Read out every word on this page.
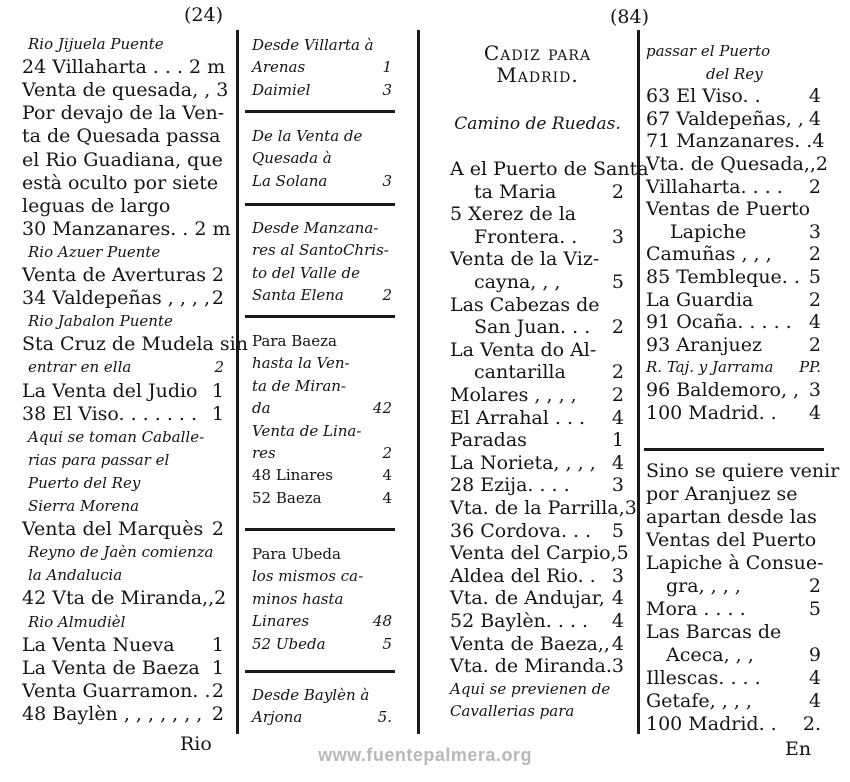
(24)	(84)
Rio	En
www.fuentepalmera.org
Rio Jijuela Puente
24 Villaharta . . . 2 m
Venta de quesada, , 3
Por devajo de la Ven-
ta de Quesada passa
el Rio Guadiana, que
està oculto por siete
leguas de largo
30 Manzanares. . 2 m
Rio Azuer Puente
Venta de Averturas 2
34 Valdepeñas , , , , 2
Rio Jabalon Puente
Sta Cruz de Mudela sin
entrar en ella	2
La Venta del Judio 1
38 El Viso. . . . . . . 1
Aqui se toman Caballe-
rias para passar el
Puerto del Rey
Sierra Morena
Venta del Marquès 2
Reyno de Jaèn comienza
la Andalucia
42 Vta de Miranda,, 2
Rio Almudièl
La Venta Nueva 1
La Venta de Baeza 1
Venta Guarramon. . 2
48 Baylèn , , , , , , , 2
Desde Villarta à
Arenas	1
Daimiel	3
De la Venta de
Quesada à
La Solana	3
Desde Manzana-
res al SantoChris-
to del Valle de
Santa Elena	2
Para Baeza
hasta la Ven-
ta de Miran-
da	42
Venta de Lina-
res	2
48 Linares	4
52 Baeza	4
Para Ubeda
los mismos ca-
minos hasta
Linares	48
52 Ubeda	5
Desde Baylèn à
Arjona	5.
Cadiz para
Madrid.
Camino de Ruedas.
A el Puerto de Santa
ta Maria	2
5 Xerez de la
Frontera. . 3
Venta de la Viz-
cayna, , ,	5
Las Cabezas de
San Juan. . . 2
La Venta do Al-
cantarilla 2
Molares , , , , 2
El Arrahal . . . 4
Paradas	1
La Norieta, , , , 4
28 Ezija. . . . 3
Vta. de la Parrilla, 3
36 Cordova. . . 5
Venta del Carpio, 5
Aldea del Rio. . 3
Vta. de Andujar, 4
52 Baylèn. . . . 4
Venta de Baeza,, 4
Vta. de Miranda. 3
Aqui se previenen de
Cavallerias para
passar el Puerto
del Rey
63 El Viso. .	4
67 Valdepeñas, , 4
71 Manzanares. . 4
Vta. de Quesada,, 2
Villaharta. . . . 2
Ventas de Puerto
Lapiche	3
Camuñas , , , 2
85 Tembleque. . 5
La Guardia	2
91 Ocaña. . . . . 4
93 Aranjuez 2
R. Taj. y Jarrama PP.
96 Baldemoro, , 3
100 Madrid. . 4
Sino se quiere venir
por Aranjuez se
apartan desde las
Ventas del Puerto
Lapiche à Consue-
gra, , , ,	2
Mora . . . .	5
Las Barcas de
Aceca, , ,	9
Illescas. . . .	4
Getafe, , , ,	4
100 Madrid. . 2.
